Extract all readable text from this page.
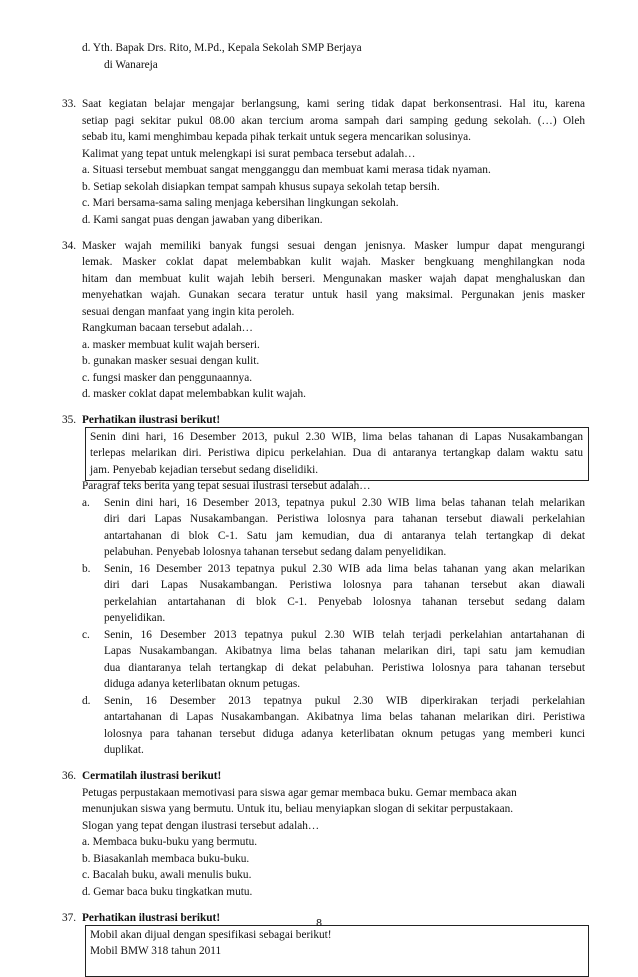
d. Yth. Bapak Drs. Rito, M.Pd., Kepala Sekolah SMP Berjaya
di Wanareja
33. Saat kegiatan belajar mengajar berlangsung, kami sering tidak dapat berkonsentrasi. Hal itu, karena
setiap pagi sekitar pukul 08.00 akan tercium aroma sampah dari samping gedung sekolah. (…) Oleh
sebab itu, kami menghimbau kepada pihak terkait untuk segera mencarikan solusinya.
Kalimat yang tepat untuk melengkapi isi surat pembaca tersebut adalah…
a. Situasi tersebut membuat sangat mengganggu dan membuat kami merasa tidak nyaman.
b. Setiap sekolah disiapkan tempat sampah khusus supaya sekolah tetap bersih.
c. Mari bersama-sama saling menjaga kebersihan lingkungan sekolah.
d. Kami sangat puas dengan jawaban yang diberikan.
34. Masker wajah memiliki banyak fungsi sesuai dengan jenisnya. Masker lumpur dapat mengurangi
lemak. Masker coklat dapat melembabkan kulit wajah. Masker bengkuang menghilangkan noda
hitam dan membuat kulit wajah lebih berseri. Mengunakan masker wajah dapat menghaluskan dan
menyehatkan wajah. Gunakan secara teratur untuk hasil yang maksimal. Pergunakan jenis masker
sesuai dengan manfaat yang ingin kita peroleh.
Rangkuman bacaan tersebut adalah…
a. masker membuat kulit wajah berseri.
b. gunakan masker sesuai dengan kulit.
c. fungsi masker dan penggunaannya.
d. masker coklat dapat melembabkan kulit wajah.
35. Perhatikan ilustrasi berikut!
Senin dini hari, 16 Desember 2013, pukul 2.30 WIB, lima belas tahanan di Lapas Nusakambangan
terlepas melarikan diri. Peristiwa dipicu perkelahian. Dua di antaranya tertangkap dalam waktu satu
jam. Penyebab kejadian tersebut sedang diselidiki.
Paragraf teks berita yang tepat sesuai ilustrasi tersebut adalah…
a. Senin dini hari, 16 Desember 2013, tepatnya pukul 2.30 WIB lima belas tahanan telah melarikan
diri dari Lapas Nusakambangan. Peristiwa lolosnya para tahanan tersebut diawali perkelahian
antartahanan di blok C-1. Satu jam kemudian, dua di antaranya telah tertangkap di dekat
pelabuhan. Penyebab lolosnya tahanan tersebut sedang dalam penyelidikan.
b. Senin, 16 Desember 2013 tepatnya pukul 2.30 WIB ada lima belas tahanan yang akan melarikan
diri dari Lapas Nusakambangan. Peristiwa lolosnya para tahanan tersebut akan diawali
perkelahian antartahanan di blok C-1. Penyebab lolosnya tahanan tersebut sedang dalam
penyelidikan.
c. Senin, 16 Desember 2013 tepatnya pukul 2.30 WIB telah terjadi perkelahian antartahanan di
Lapas Nusakambangan. Akibatnya lima belas tahanan melarikan diri, tapi satu jam kemudian
dua diantaranya telah tertangkap di dekat pelabuhan. Peristiwa lolosnya para tahanan tersebut
diduga adanya keterlibatan oknum petugas.
d. Senin, 16 Desember 2013 tepatnya pukul 2.30 WIB diperkirakan terjadi perkelahian
antartahanan di Lapas Nusakambangan. Akibatnya lima belas tahanan melarikan diri. Peristiwa
lolosnya para tahanan tersebut diduga adanya keterlibatan oknum petugas yang memberi kunci
duplikat.
36. Cermatilah ilustrasi berikut!
Petugas perpustakaan memotivasi para siswa agar gemar membaca buku. Gemar membaca akan
menunjukan siswa yang bermutu. Untuk itu, beliau menyiapkan slogan di sekitar perpustakaan.
Slogan yang tepat dengan ilustrasi tersebut adalah…
a. Membaca buku-buku yang bermutu.
b. Biasakanlah membaca buku-buku.
c. Bacalah buku, awali menulis buku.
d. Gemar baca buku tingkatkan mutu.
37. Perhatikan ilustrasi berikut!
Mobil akan dijual dengan spesifikasi sebagai berikut!
Mobil BMW 318 tahun 2011
8
